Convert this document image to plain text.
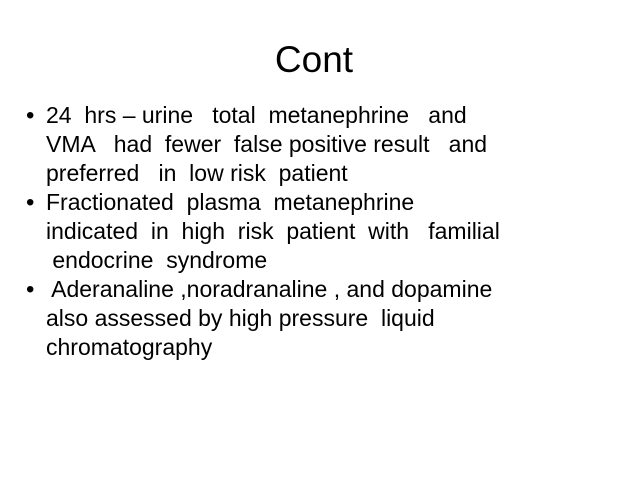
Cont
• 24  hrs – urine   total  metanephrine   and
VMA   had  fewer  false positive result   and
preferred   in  low risk  patient
• Fractionated  plasma  metanephrine
indicated  in  high  risk  patient  with   familial
endocrine  syndrome
• Aderanaline ,noradranaline , and dopamine
also assessed by high pressure  liquid
chromatography
